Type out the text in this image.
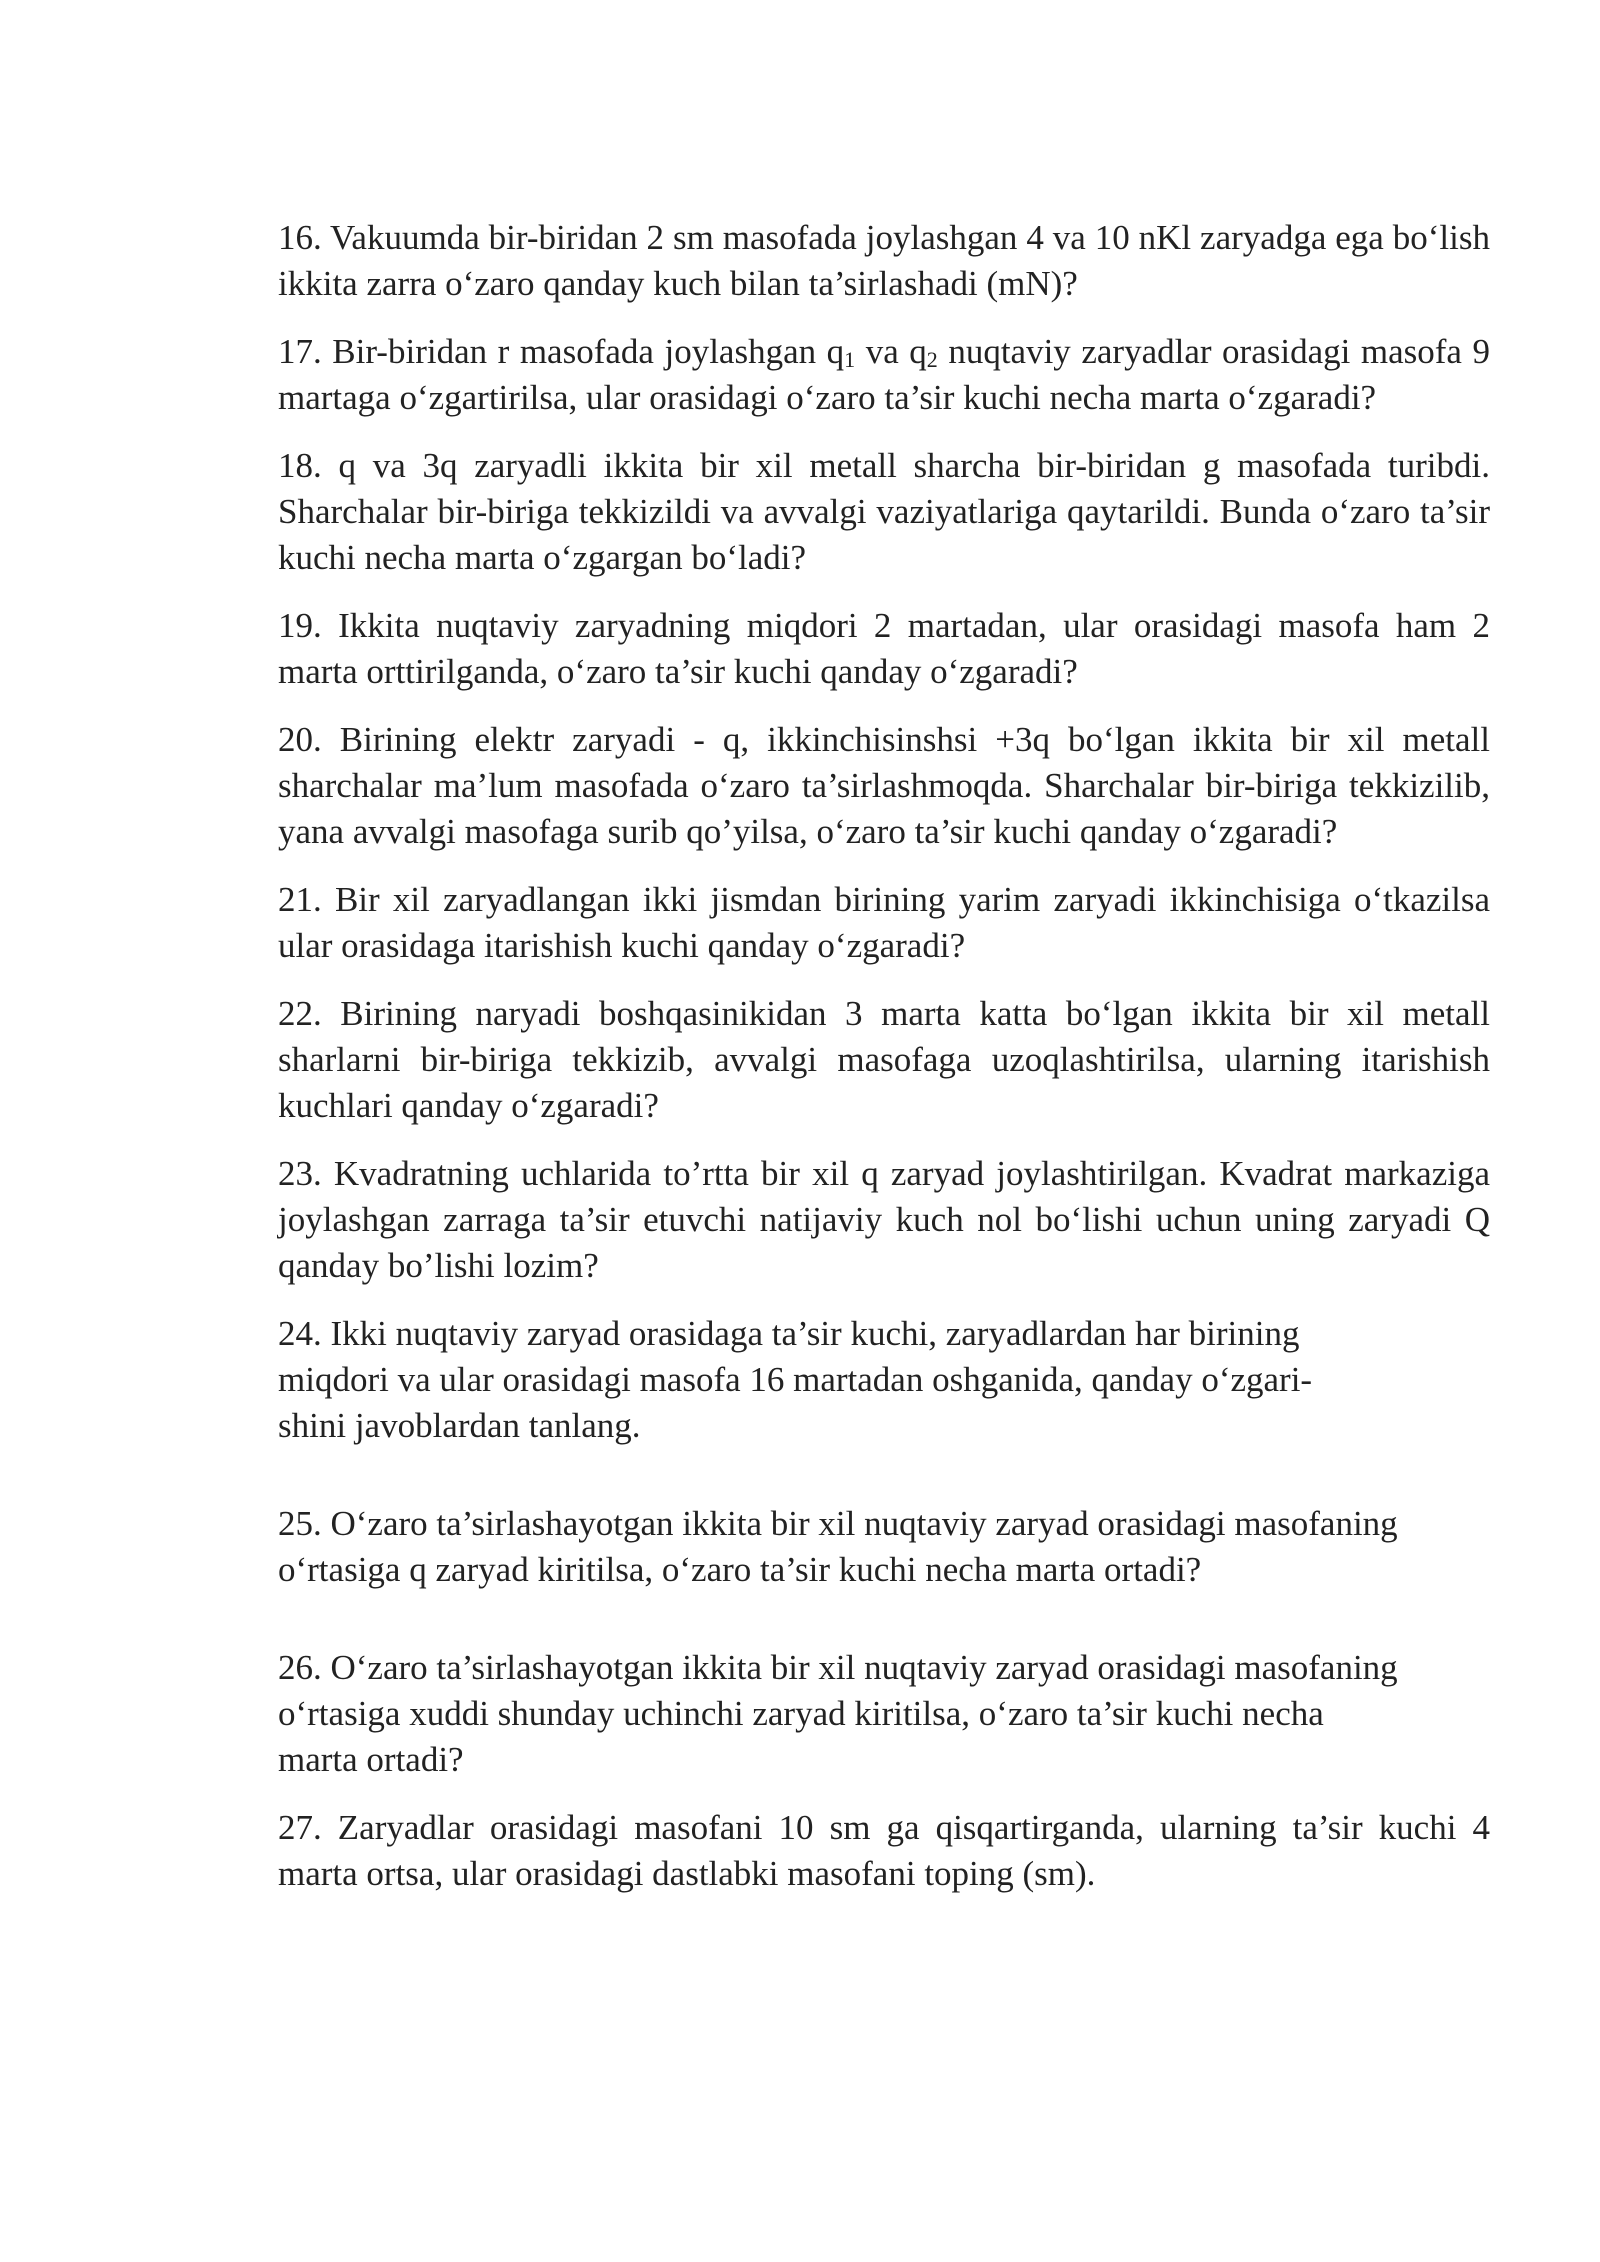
16. Vakuumda bir-biridan 2 sm masofada joylashgan 4 va 10 nKl zaryadga ega bo‘lish ikkita zarra o‘zaro qanday kuch bilan ta’sirlashadi (mN)?

17. Bir-biridan r masofada joylashgan $q_1$ va $q_2$ nuqtaviy zaryadlar orasidagi masofa 9 martaga o‘zgartirilsa, ular orasidagi o‘zaro ta’sir kuchi necha marta o‘zgaradi?

18. q va 3q zaryadli ikkita bir xil metall sharcha bir-biridan g masofada turibdi. Sharchalar bir-biriga tekkizildi va avvalgi vaziyatlariga qaytarildi. Bunda o‘zaro ta’sir kuchi necha marta o‘zgargan bo‘ladi?

19. Ikkita nuqtaviy zaryadning miqdori 2 martadan, ular orasidagi masofa ham 2 marta orttirilganda, o‘zaro ta’sir kuchi qanday o‘zgaradi?

20. Birining elektr zaryadi - q, ikkinchisinshsi +3q bo‘lgan ikkita bir xil metall sharchalar ma’lum masofada o‘zaro ta’sirlashmoqda. Sharchalar bir-biriga tekkizilib, yana avvalgi masofaga surib qo’yilsa, o‘zaro ta’sir kuchi qanday o‘zgaradi?

21. Bir xil zaryadlangan ikki jismdan birining yarim zaryadi ikkinchisiga o‘tkazilsa ular orasidaga itarishish kuchi qanday o‘zgaradi?

22. Birining naryadi boshqasinikidan 3 marta katta bo‘lgan ikkita bir xil metall sharlarni bir-biriga tekkizib, avvalgi masofaga uzoqlashtirilsa, ularning itarishish kuchlari qanday o‘zgaradi?

23. Kvadratning uchlarida to’rtta bir xil q zaryad joylashtirilgan. Kvadrat markaziga joylashgan zarraga ta’sir etuvchi natijaviy kuch nol bo‘lishi uchun uning zaryadi Q qanday bo’lishi lozim?

24. Ikki nuqtaviy zaryad orasidaga ta’sir kuchi, zaryadlardan har birining
miqdori va ular orasidagi masofa 16 martadan oshganida, qanday o‘zgari-
shini javoblardan tanlang.

25. O‘zaro ta’sirlashayotgan ikkita bir xil nuqtaviy zaryad orasidagi masofaning
o‘rtasiga q zaryad kiritilsa, o‘zaro ta’sir kuchi necha marta ortadi?

26. O‘zaro ta’sirlashayotgan ikkita bir xil nuqtaviy zaryad orasidagi masofaning
o‘rtasiga xuddi shunday uchinchi zaryad kiritilsa, o‘zaro ta’sir kuchi necha
marta ortadi?

27. Zaryadlar orasidagi masofani 10 sm ga qisqartirganda, ularning ta’sir kuchi 4 marta ortsa, ular orasidagi dastlabki masofani toping (sm).
